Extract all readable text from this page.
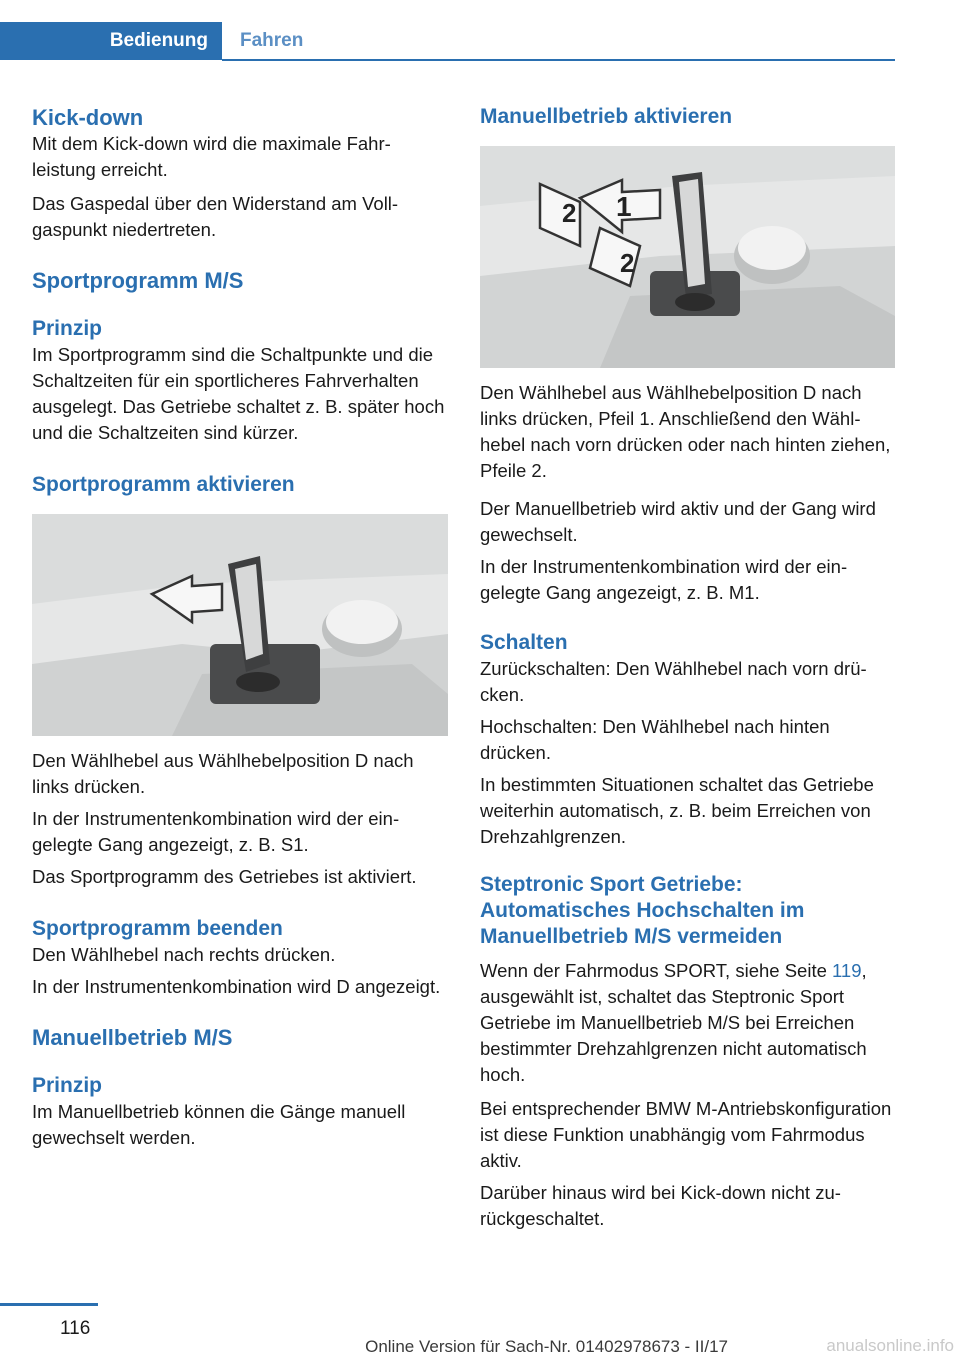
Bedienung	Fahren
Kick-down

Mit dem Kick-down wird die maximale Fahrleistung erreicht.

Das Gaspedal über den Widerstand am Vollgaspunkt niedertreten.

Sportprogramm M/S
Prinzip

Im Sportprogramm sind die Schaltpunkte und die Schaltzeiten für ein sportlicheres Fahrverhalten ausgelegt. Das Getriebe schaltet z. B. später hoch und die Schaltzeiten sind kürzer.

Sportprogramm aktivieren

Den Wählhebel aus Wählhebelposition D nach links drücken.

In der Instrumentenkombination wird der eingelegte Gang angezeigt, z. B. S1.

Das Sportprogramm des Getriebes ist aktiviert.

Sportprogramm beenden

Den Wählhebel nach rechts drücken.

In der Instrumentenkombination wird D angezeigt.

Manuellbetrieb M/S
Prinzip

Im Manuellbetrieb können die Gänge manuell gewechselt werden.

Manuellbetrieb aktivieren
1
2
2

Den Wählhebel aus Wählhebelposition D nach links drücken, Pfeil 1. Anschließend den Wählhebel nach vorn drücken oder nach hinten ziehen, Pfeile 2.

Der Manuellbetrieb wird aktiv und der Gang wird gewechselt.

In der Instrumentenkombination wird der eingelegte Gang angezeigt, z. B. M1.

Schalten

Zurückschalten: Den Wählhebel nach vorn drücken.

Hochschalten: Den Wählhebel nach hinten drücken.

In bestimmten Situationen schaltet das Getriebe weiterhin automatisch, z. B. beim Erreichen von Drehzahlgrenzen.

Steptronic Sport Getriebe: Automatisches Hochschalten im Manuellbetrieb M/S vermeiden

Wenn der Fahrmodus SPORT, siehe Seite 119, ausgewählt ist, schaltet das Steptronic Sport Getriebe im Manuellbetrieb M/S bei Erreichen bestimmter Drehzahlgrenzen nicht automatisch hoch.

Bei entsprechender BMW M-Antriebskonfiguration ist diese Funktion unabhängig vom Fahrmodus aktiv.

Darüber hinaus wird bei Kick-down nicht zurückgeschaltet.

116
Online Version für Sach-Nr. 01402978673 - II/17	anualsonline.info
